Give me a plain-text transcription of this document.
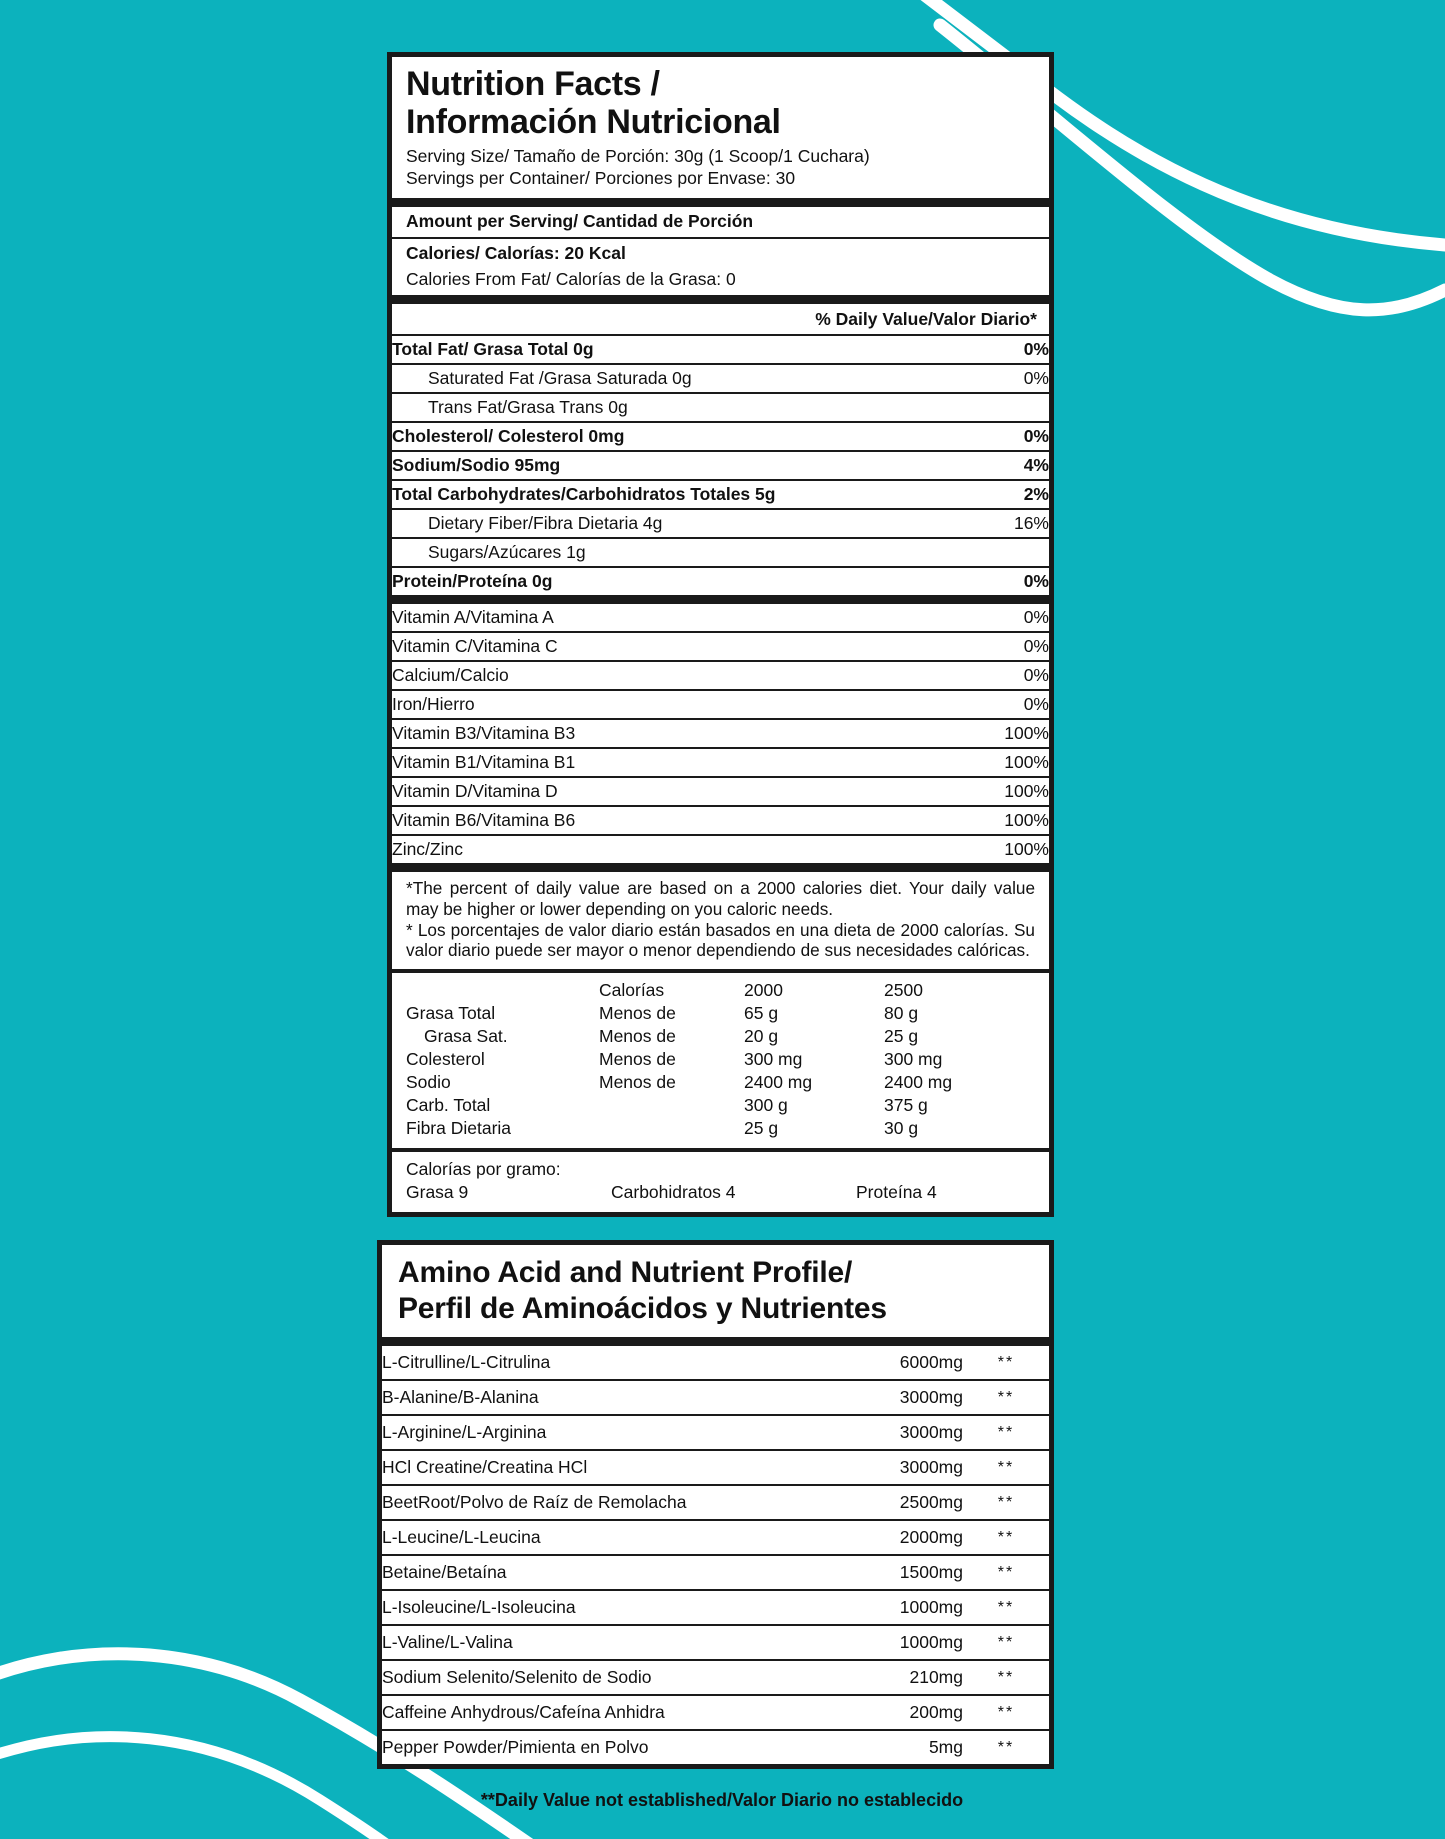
Nutrition Facts /
Información Nutricional
Serving Size/ Tamaño de Porción: 30g (1 Scoop/1 Cuchara)
Servings per Container/ Porciones por Envase: 30
Amount per Serving/ Cantidad de Porción
Calories/ Calorías: 20 Kcal
Calories From Fat/ Calorías de la Grasa: 0
% Daily Value/Valor Diario*
Total Fat/ Grasa Total 0g	0%
Saturated Fat /Grasa Saturada 0g	0%
Trans Fat/Grasa Trans 0g	
Cholesterol/ Colesterol 0mg	0%
Sodium/Sodio 95mg	4%
Total Carbohydrates/Carbohidratos Totales 5g	2%
Dietary Fiber/Fibra Dietaria 4g	16%
Sugars/Azúcares 1g	
Protein/Proteína 0g	0%
Vitamin A/Vitamina A	0%
Vitamin C/Vitamina C	0%
Calcium/Calcio	0%
Iron/Hierro	0%
Vitamin B3/Vitamina B3	100%
Vitamin B1/Vitamina B1	100%
Vitamin D/Vitamina D	100%
Vitamin B6/Vitamina B6	100%
Zinc/Zinc	100%

*The percent of daily value are based on a 2000 calories diet. Your daily value may be higher or lower depending on you caloric needs.

* Los porcentajes de valor diario están basados en una dieta de 2000 calorías. Su valor diario puede ser mayor o menor dependiendo de sus necesidades calóricas.

	Calorías	2000	2500
Grasa Total	Menos de	65 g	80 g
Grasa Sat.	Menos de	20 g	25 g
Colesterol	Menos de	300 mg	300 mg
Sodio	Menos de	2400 mg	2400 mg
Carb. Total		300 g	375 g
Fibra Dietaria		25 g	30 g
Calorías por gramo:
Grasa 9	Carbohidratos 4	Proteína 4
Amino Acid and Nutrient Profile/
Perfil de Aminoácidos y Nutrientes
L-Citrulline/L-Citrulina	6000mg	**
B-Alanine/B-Alanina	3000mg	**
L-Arginine/L-Arginina	3000mg	**
HCl Creatine/Creatina HCl	3000mg	**
BeetRoot/Polvo de Raíz de Remolacha	2500mg	**
L-Leucine/L-Leucina	2000mg	**
Betaine/Betaína	1500mg	**
L-Isoleucine/L-Isoleucina	1000mg	**
L-Valine/L-Valina	1000mg	**
Sodium Selenito/Selenito de Sodio	210mg	**
Caffeine Anhydrous/Cafeína Anhidra	200mg	**
Pepper Powder/Pimienta en Polvo	5mg	**
**Daily Value not established/Valor Diario no establecido
